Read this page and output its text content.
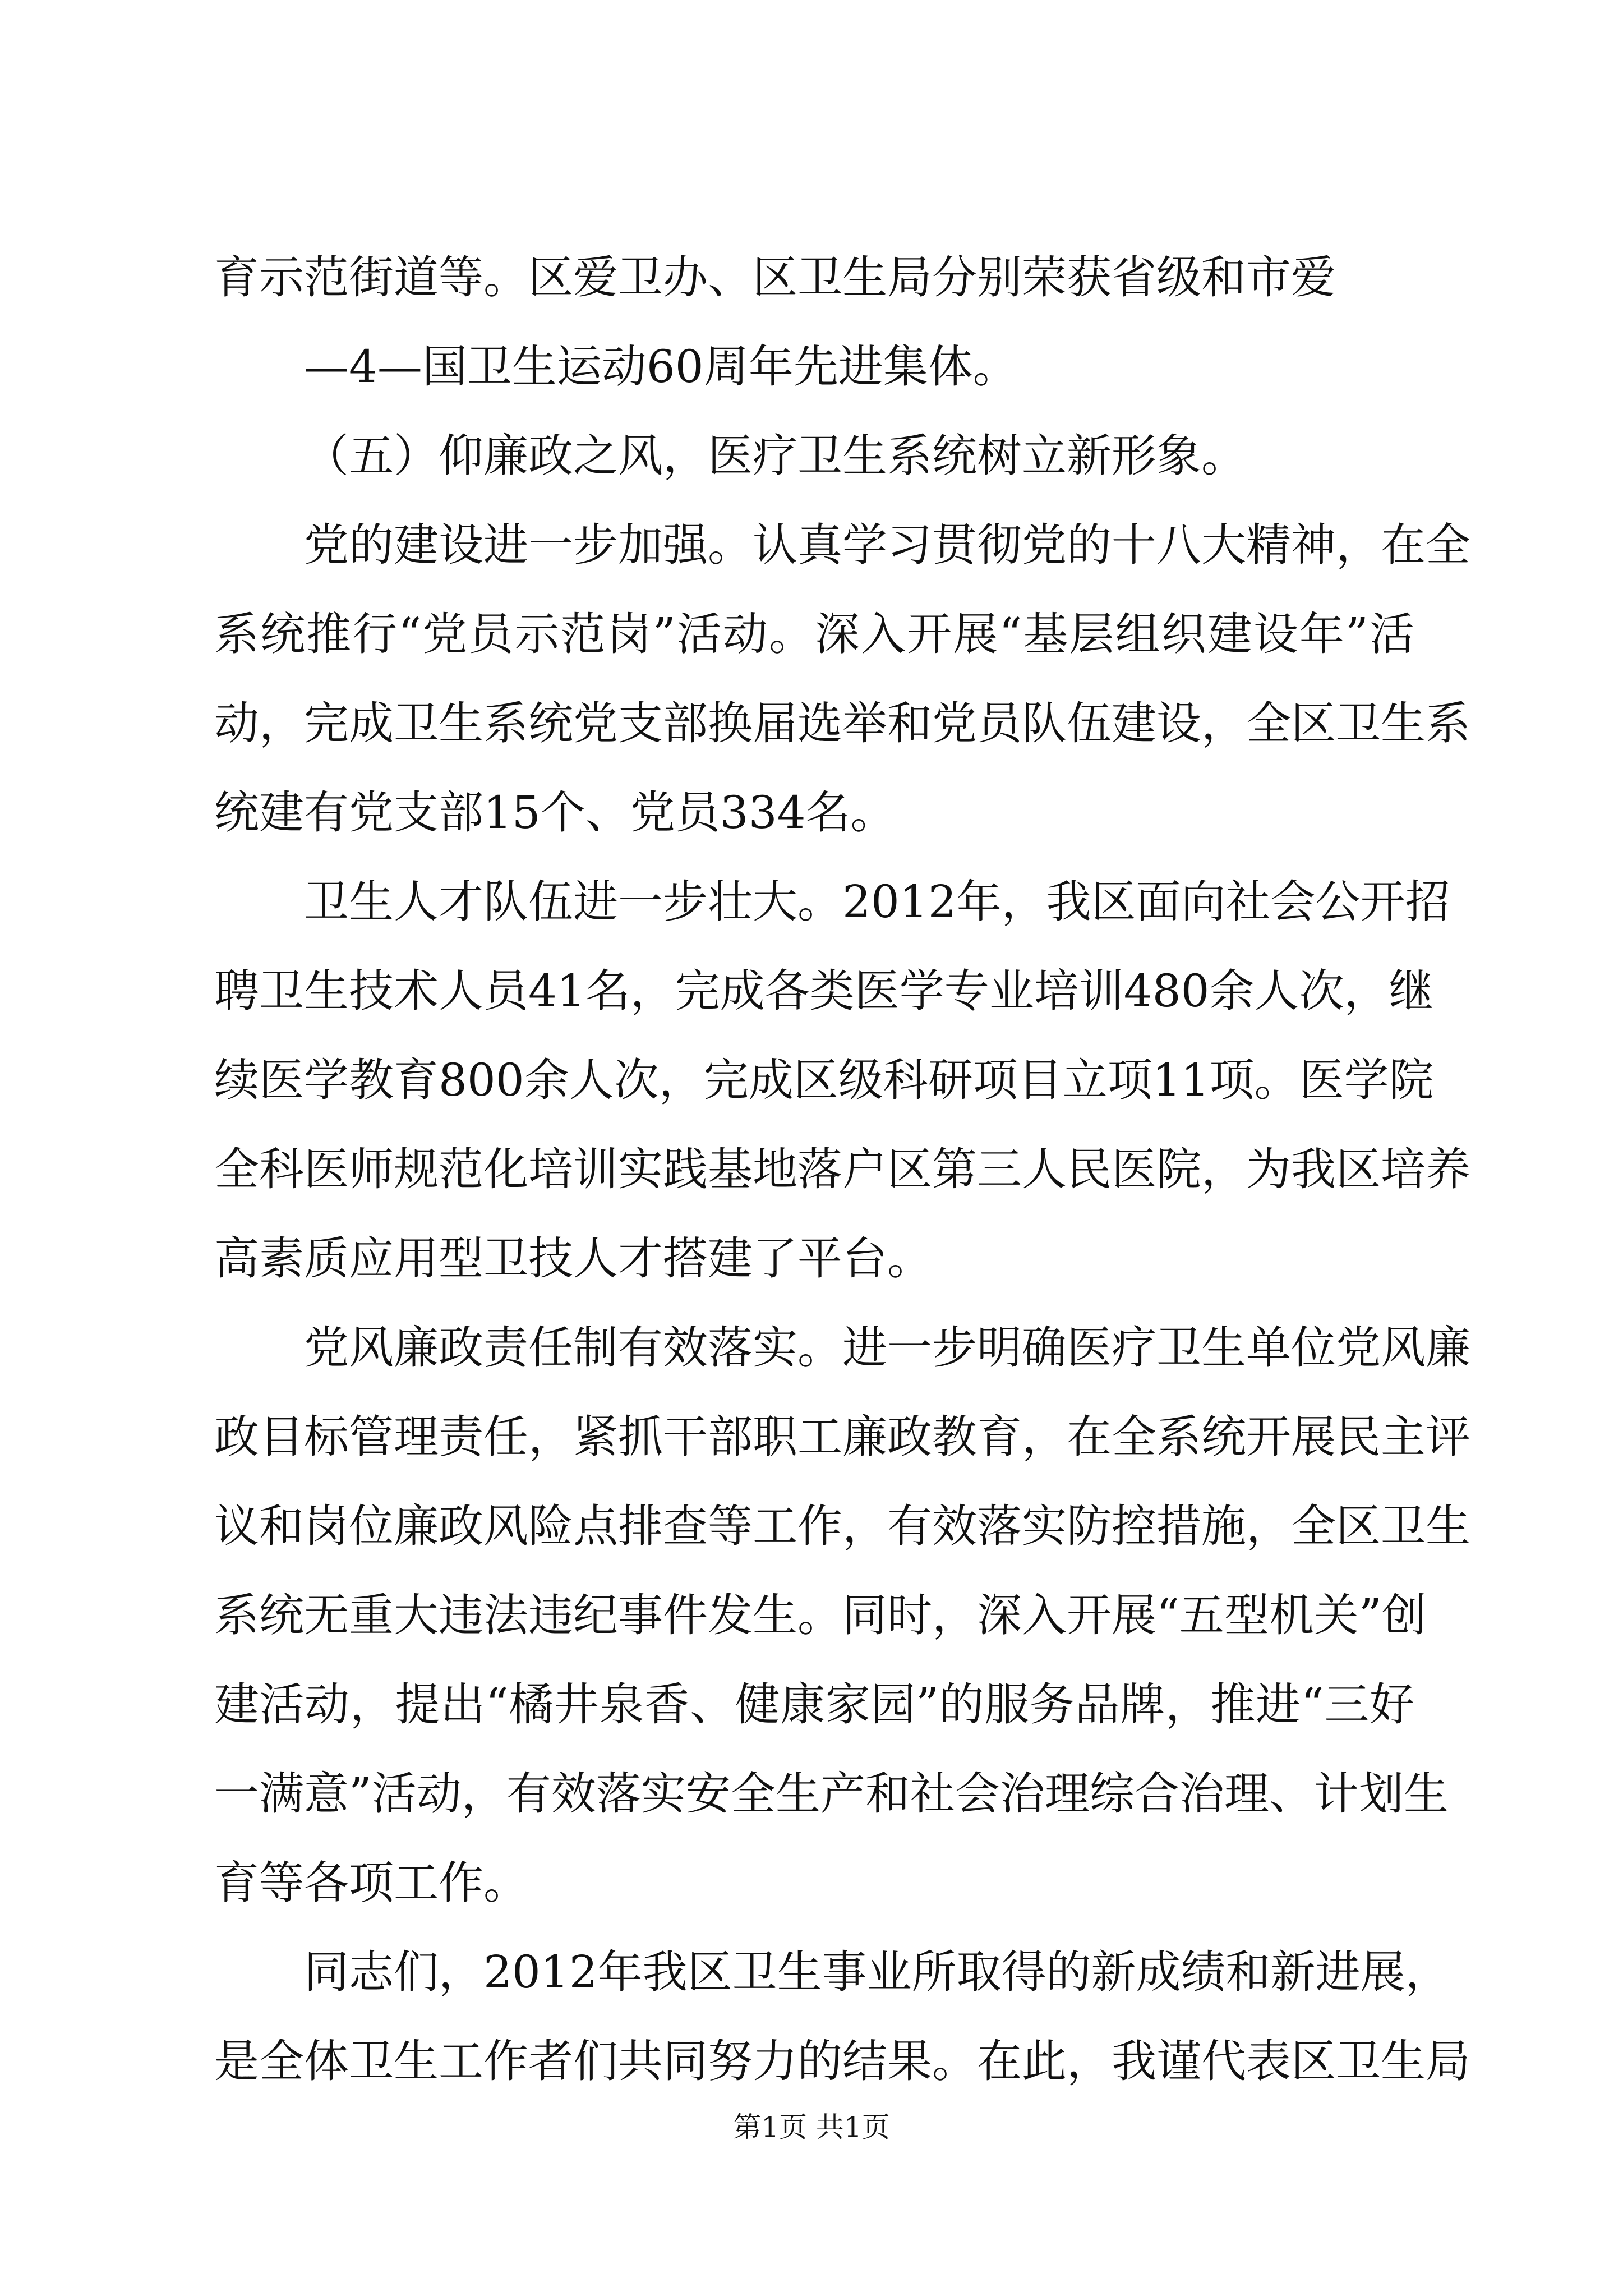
育示范街道等。区爱卫办、区卫生局分别荣获省级和市爱
—4—国卫生运动60周年先进集体。
（五）仰廉政之风，医疗卫生系统树立新形象。
党的建设进一步加强。认真学习贯彻党的十八大精神，在全
系统推行“党员示范岗”活动。深入开展“基层组织建设年”活
动，完成卫生系统党支部换届选举和党员队伍建设，全区卫生系
统建有党支部15个、党员334名。
卫生人才队伍进一步壮大。2012年，我区面向社会公开招
聘卫生技术人员41名，完成各类医学专业培训480余人次，继
续医学教育800余人次，完成区级科研项目立项11项。医学院
全科医师规范化培训实践基地落户区第三人民医院，为我区培养
高素质应用型卫技人才搭建了平台。
党风廉政责任制有效落实。进一步明确医疗卫生单位党风廉
政目标管理责任，紧抓干部职工廉政教育，在全系统开展民主评
议和岗位廉政风险点排查等工作，有效落实防控措施，全区卫生
系统无重大违法违纪事件发生。同时，深入开展“五型机关”创
建活动，提出“橘井泉香、健康家园”的服务品牌，推进“三好
一满意”活动，有效落实安全生产和社会治理综合治理、计划生
育等各项工作。
同志们，2012年我区卫生事业所取得的新成绩和新进展，
是全体卫生工作者们共同努力的结果。在此，我谨代表区卫生局
第1页 共1页
